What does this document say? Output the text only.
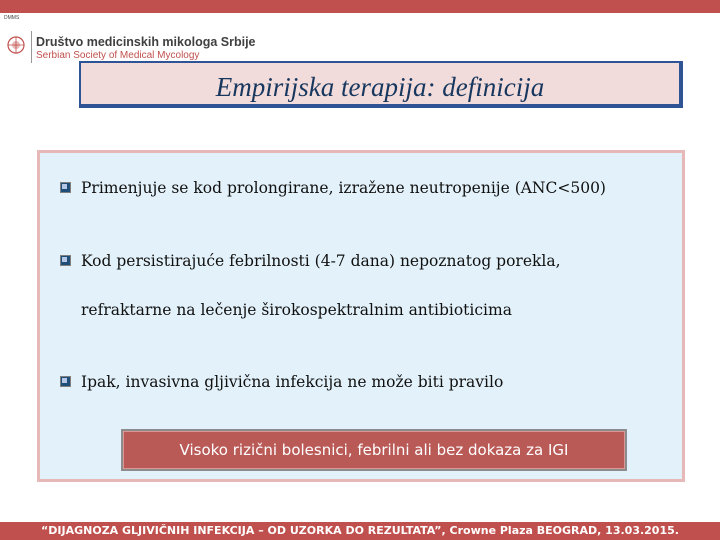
DMMS
Društvo medicinskih mikologa Srbije
Serbian Society of Medical Mycology
Empirijska terapija: definicija
Primenjuje se kod prolongirane, izražene neutropenije (ANC<500)
Kod persistirajuće febrilnosti (4-7 dana) nepoznatog porekla,
refraktarne na lečenje širokospektralnim antibioticima
Ipak, invasivna gljivična infekcija ne može biti pravilo
Visoko rizični bolesnici, febrilni ali bez dokaza za IGI
“DIJAGNOZA GLJIVIČNIH INFEKCIJA – OD UZORKA DO REZULTATA”, Crowne Plaza BEOGRAD, 13.03.2015.
